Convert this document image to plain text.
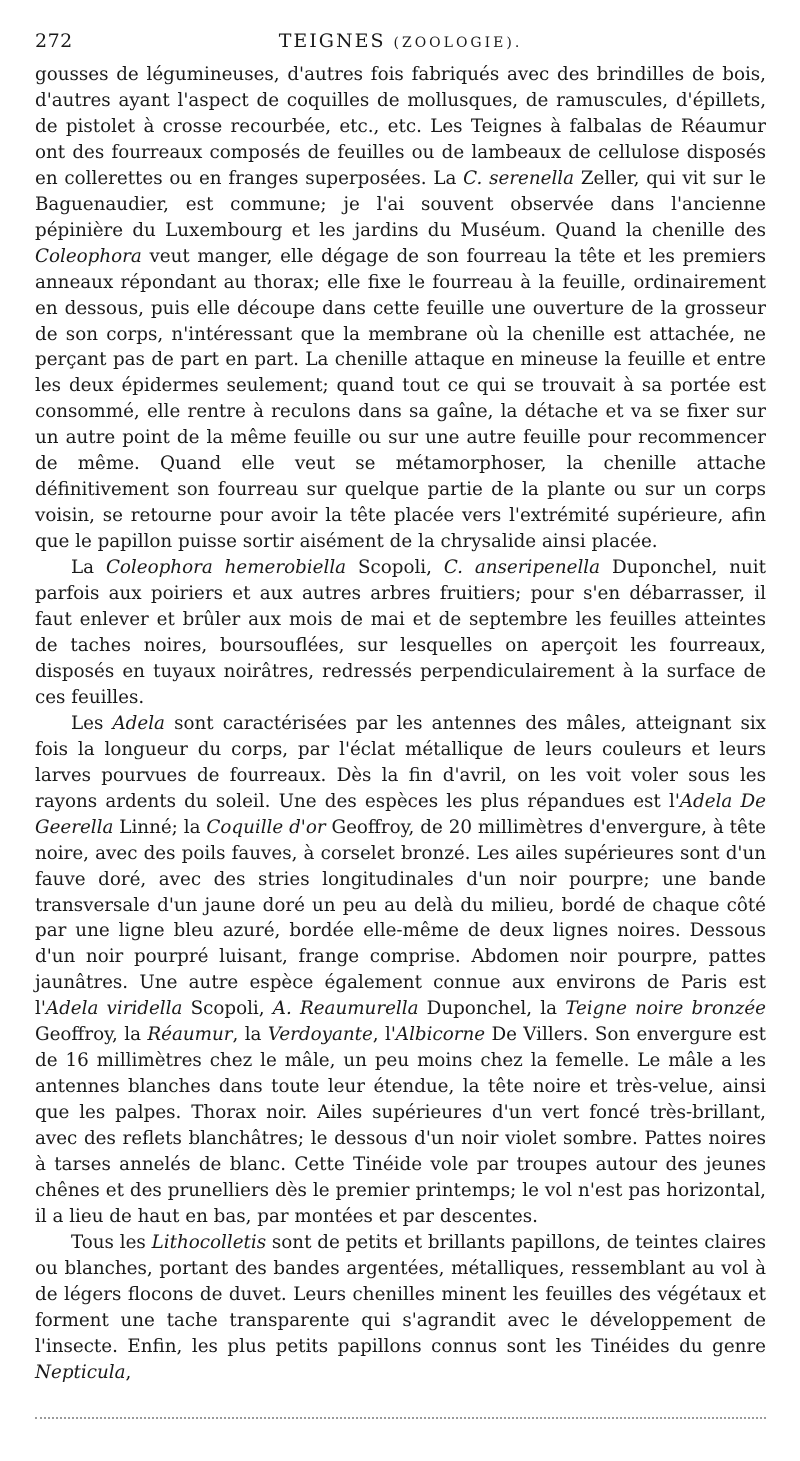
272	TEIGNES (ZOOLOGIE).

gousses de légumineuses, d'autres fois fabriqués avec des brindilles de bois, d'autres ayant l'aspect de coquilles de mollusques, de ramuscules, d'épillets, de pistolet à crosse recourbée, etc., etc. Les Teignes à falbalas de Réaumur ont des fourreaux composés de feuilles ou de lambeaux de cellulose disposés en collerettes ou en franges superposées. La C. serenella Zeller, qui vit sur le Baguenaudier, est commune; je l'ai souvent observée dans l'ancienne pépinière du Luxembourg et les jardins du Muséum. Quand la chenille des Coleophora veut manger, elle dégage de son fourreau la tête et les premiers anneaux répondant au thorax; elle fixe le fourreau à la feuille, ordinairement en dessous, puis elle découpe dans cette feuille une ouverture de la grosseur de son corps, n'intéressant que la membrane où la chenille est attachée, ne perçant pas de part en part. La chenille attaque en mineuse la feuille et entre les deux épidermes seulement; quand tout ce qui se trouvait à sa portée est consommé, elle rentre à reculons dans sa gaîne, la détache et va se fixer sur un autre point de la même feuille ou sur une autre feuille pour recommencer de même. Quand elle veut se métamorphoser, la chenille attache définitivement son fourreau sur quelque partie de la plante ou sur un corps voisin, se retourne pour avoir la tête placée vers l'extrémité supérieure, afin que le papillon puisse sortir aisément de la chrysalide ainsi placée.

La Coleophora hemerobiella Scopoli, C. anseripenella Duponchel, nuit parfois aux poiriers et aux autres arbres fruitiers; pour s'en débarrasser, il faut enlever et brûler aux mois de mai et de septembre les feuilles atteintes de taches noires, boursouflées, sur lesquelles on aperçoit les fourreaux, disposés en tuyaux noirâtres, redressés perpendiculairement à la surface de ces feuilles.

Les Adela sont caractérisées par les antennes des mâles, atteignant six fois la longueur du corps, par l'éclat métallique de leurs couleurs et leurs larves pourvues de fourreaux. Dès la fin d'avril, on les voit voler sous les rayons ardents du soleil. Une des espèces les plus répandues est l'Adela De Geerella Linné; la Coquille d'or Geoffroy, de 20 millimètres d'envergure, à tête noire, avec des poils fauves, à corselet bronzé. Les ailes supérieures sont d'un fauve doré, avec des stries longitudinales d'un noir pourpre; une bande transversale d'un jaune doré un peu au delà du milieu, bordé de chaque côté par une ligne bleu azuré, bordée elle-même de deux lignes noires. Dessous d'un noir pourpré luisant, frange comprise. Abdomen noir pourpre, pattes jaunâtres. Une autre espèce également connue aux environs de Paris est l'Adela viridella Scopoli, A. Reaumurella Duponchel, la Teigne noire bronzée Geoffroy, la Réaumur, la Verdoyante, l'Albicorne De Villers. Son envergure est de 16 millimètres chez le mâle, un peu moins chez la femelle. Le mâle a les antennes blanches dans toute leur étendue, la tête noire et très-velue, ainsi que les palpes. Thorax noir. Ailes supérieures d'un vert foncé très-brillant, avec des reflets blanchâtres; le dessous d'un noir violet sombre. Pattes noires à tarses annelés de blanc. Cette Tinéide vole par troupes autour des jeunes chênes et des prunelliers dès le premier printemps; le vol n'est pas horizontal, il a lieu de haut en bas, par montées et par descentes.

Tous les Lithocolletis sont de petits et brillants papillons, de teintes claires ou blanches, portant des bandes argentées, métalliques, ressemblant au vol à de légers flocons de duvet. Leurs chenilles minent les feuilles des végétaux et forment une tache transparente qui s'agrandit avec le développement de l'insecte. Enfin, les plus petits papillons connus sont les Tinéides du genre Nepticula,
